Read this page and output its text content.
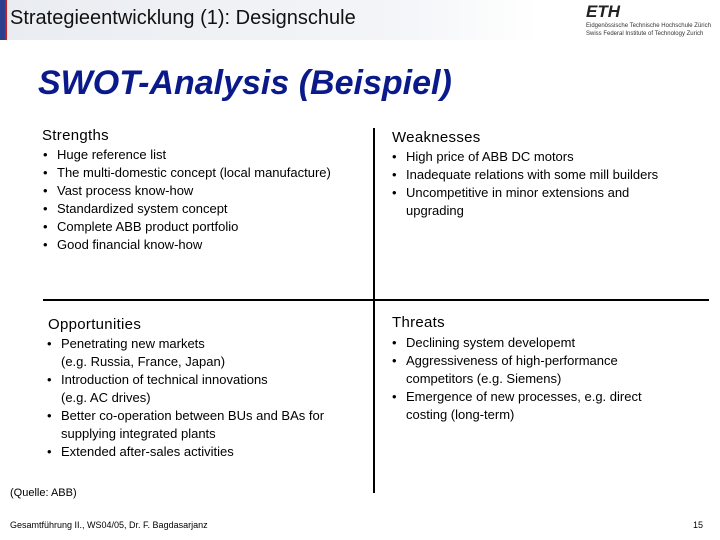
Strategieentwicklung (1): Designschule	ETH
Eidgenössische Technische Hochschule Zürich
Swiss Federal Institute of Technology Zurich
SWOT-Analysis (Beispiel)
Strengths
• Huge reference list
• The multi-domestic concept (local manufacture)
• Vast process know-how
• Standardized system concept
• Complete ABB product portfolio
• Good financial know-how
Weaknesses
• High price of ABB DC motors
• Inadequate relations with some mill builders
• Uncompetitive in minor extensions and
upgrading
Opportunities
• Penetrating new markets
(e.g. Russia, France, Japan)
• Introduction of technical innovations
(e.g. AC drives)
• Better co-operation between BUs and BAs for
supplying integrated plants
• Extended after-sales activities
Threats
• Declining system developemt
• Aggressiveness of high-performance
competitors (e.g. Siemens)
• Emergence of new processes, e.g. direct
costing (long-term)
(Quelle: ABB)
Gesamtführung II., WS04/05, Dr. F. Bagdasarjanz	15
